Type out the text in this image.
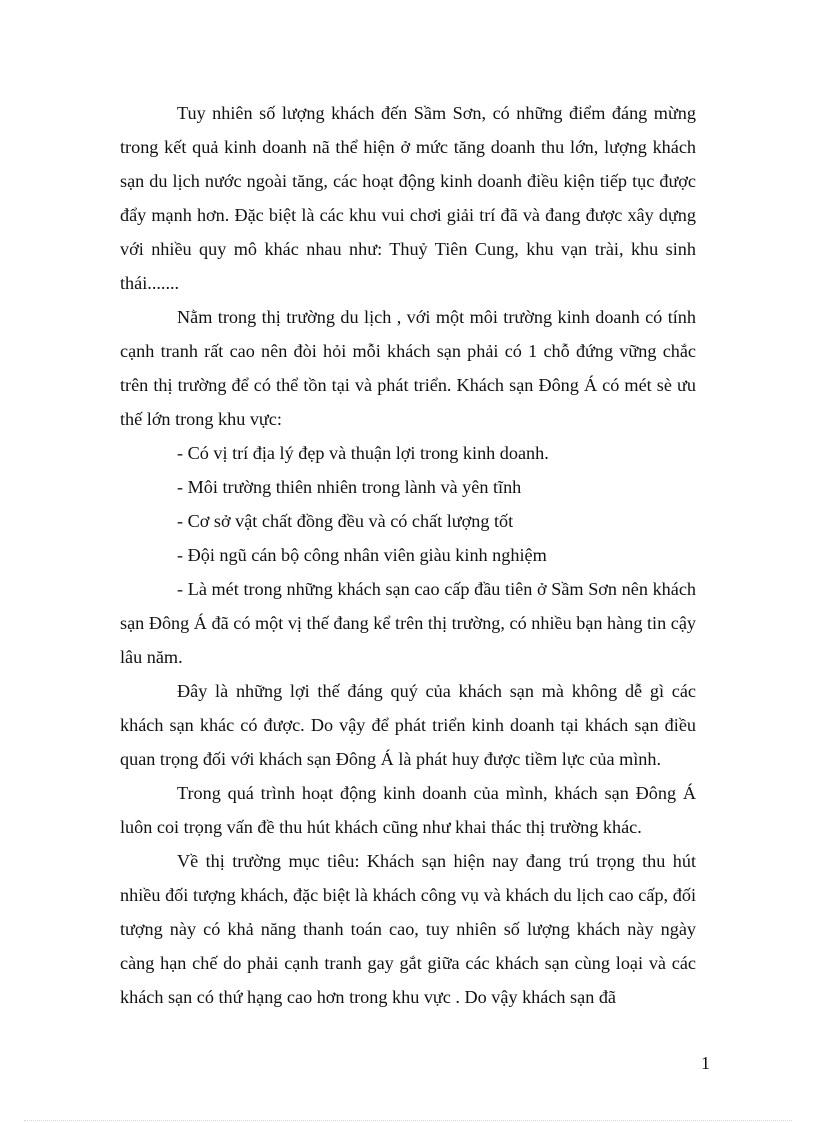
Tuy nhiên số lượng khách đến Sầm Sơn, có những điểm đáng mừng trong kết quả kinh doanh nã thể hiện ở mức tăng doanh thu lớn, lượng khách sạn du lịch nước ngoài tăng, các hoạt động kinh doanh điều kiện tiếp tục được đẩy mạnh hơn. Đặc biệt là các khu vui chơi giải trí đã và đang được xây dựng với nhiều quy mô khác nhau như: Thuỷ Tiên Cung, khu vạn trài, khu sinh thái.......

Nằm trong thị trường du lịch , với một môi trường kinh doanh có tính cạnh tranh rất cao nên đòi hỏi mỗi khách sạn phải có 1 chỗ đứng vững chắc trên thị trường để có thể tồn tại và phát triển. Khách sạn Đông Á có mét sè ưu thế lớn trong khu vực:

- Có vị trí địa lý đẹp và thuận lợi trong kinh doanh.

- Môi trường thiên nhiên trong lành và yên tĩnh

- Cơ sở vật chất đồng đều và có chất lượng tốt

- Đội ngũ cán bộ công nhân viên giàu kinh nghiệm

- Là mét trong những khách sạn cao cấp đầu tiên ở Sầm Sơn nên khách sạn Đông Á đã có một vị thế đang kể trên thị trường, có nhiều bạn hàng tin cậy lâu năm.

Đây là những lợi thế đáng quý của khách sạn mà không dễ gì các khách sạn khác có được. Do vậy để phát triển kinh doanh tại khách sạn điều quan trọng đối với khách sạn Đông Á là phát huy được tiềm lực của mình.

Trong quá trình hoạt động kinh doanh của mình, khách sạn Đông Á luôn coi trọng vấn đề thu hút khách cũng như khai thác thị trường khác.

Về thị trường mục tiêu: Khách sạn hiện nay đang trú trọng thu hút nhiều đối tượng khách, đặc biệt là khách công vụ và khách du lịch cao cấp, đối tượng này có khả năng thanh toán cao, tuy nhiên số lượng khách này ngày càng hạn chế do phải cạnh tranh gay gắt giữa các khách sạn cùng loại và các khách sạn có thứ hạng cao hơn trong khu vực . Do vậy khách sạn đã

1
